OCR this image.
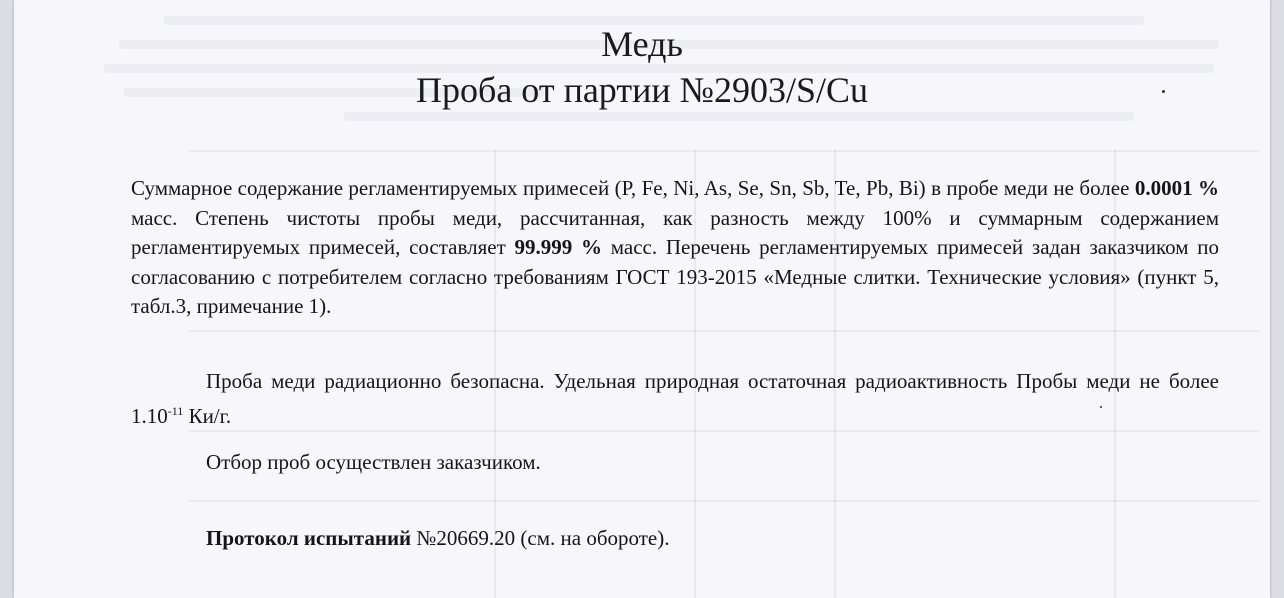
Медь
Проба от партии №2903/S/Cu
Суммарное содержание регламентируемых примесей (P, Fe, Ni, As, Se, Sn, Sb, Te, Pb, Bi) в пробе меди не более 0.0001 % масс. Степень чистоты пробы меди, рассчитанная, как разность между 100% и суммарным содержанием регламентируемых примесей, составляет 99.999 % масс. Перечень регламентируемых примесей задан заказчиком по согласованию с потребителем согласно требованиям ГОСТ 193-2015 «Медные слитки. Технические условия» (пункт 5, табл.3, примечание 1).
Проба меди радиационно безопасна. Удельная природная остаточная радиоактивность Пробы меди не более $1.10^{-11}$ Ки/г.
Отбор проб осуществлен заказчиком.
Протокол испытаний №20669.20 (см. на обороте).
